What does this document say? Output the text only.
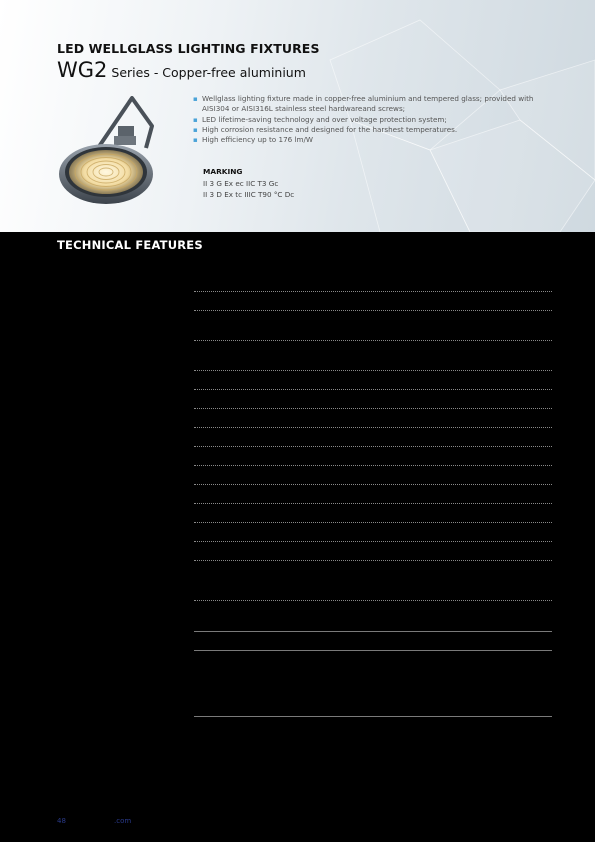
LED WELLGLASS LIGHTING FIXTURES
WG2 Series - Copper-free aluminium
▪ Wellglass lighting fixture made in copper-free aluminium and tempered glass; provided with AISI304 or AISI316L stainless steel hardwareand screws;
▪ LED lifetime-saving technology and over voltage protection system;
▪ High corrosion resistance and designed for the harshest temperatures.
▪ High efficiency up to 176 lm/W
MARKING
II 3 G Ex ec IIC T3 Gc
II 3 D Ex tc IIIC T90 °C Dc
TECHNICAL FEATURES
48	.com
